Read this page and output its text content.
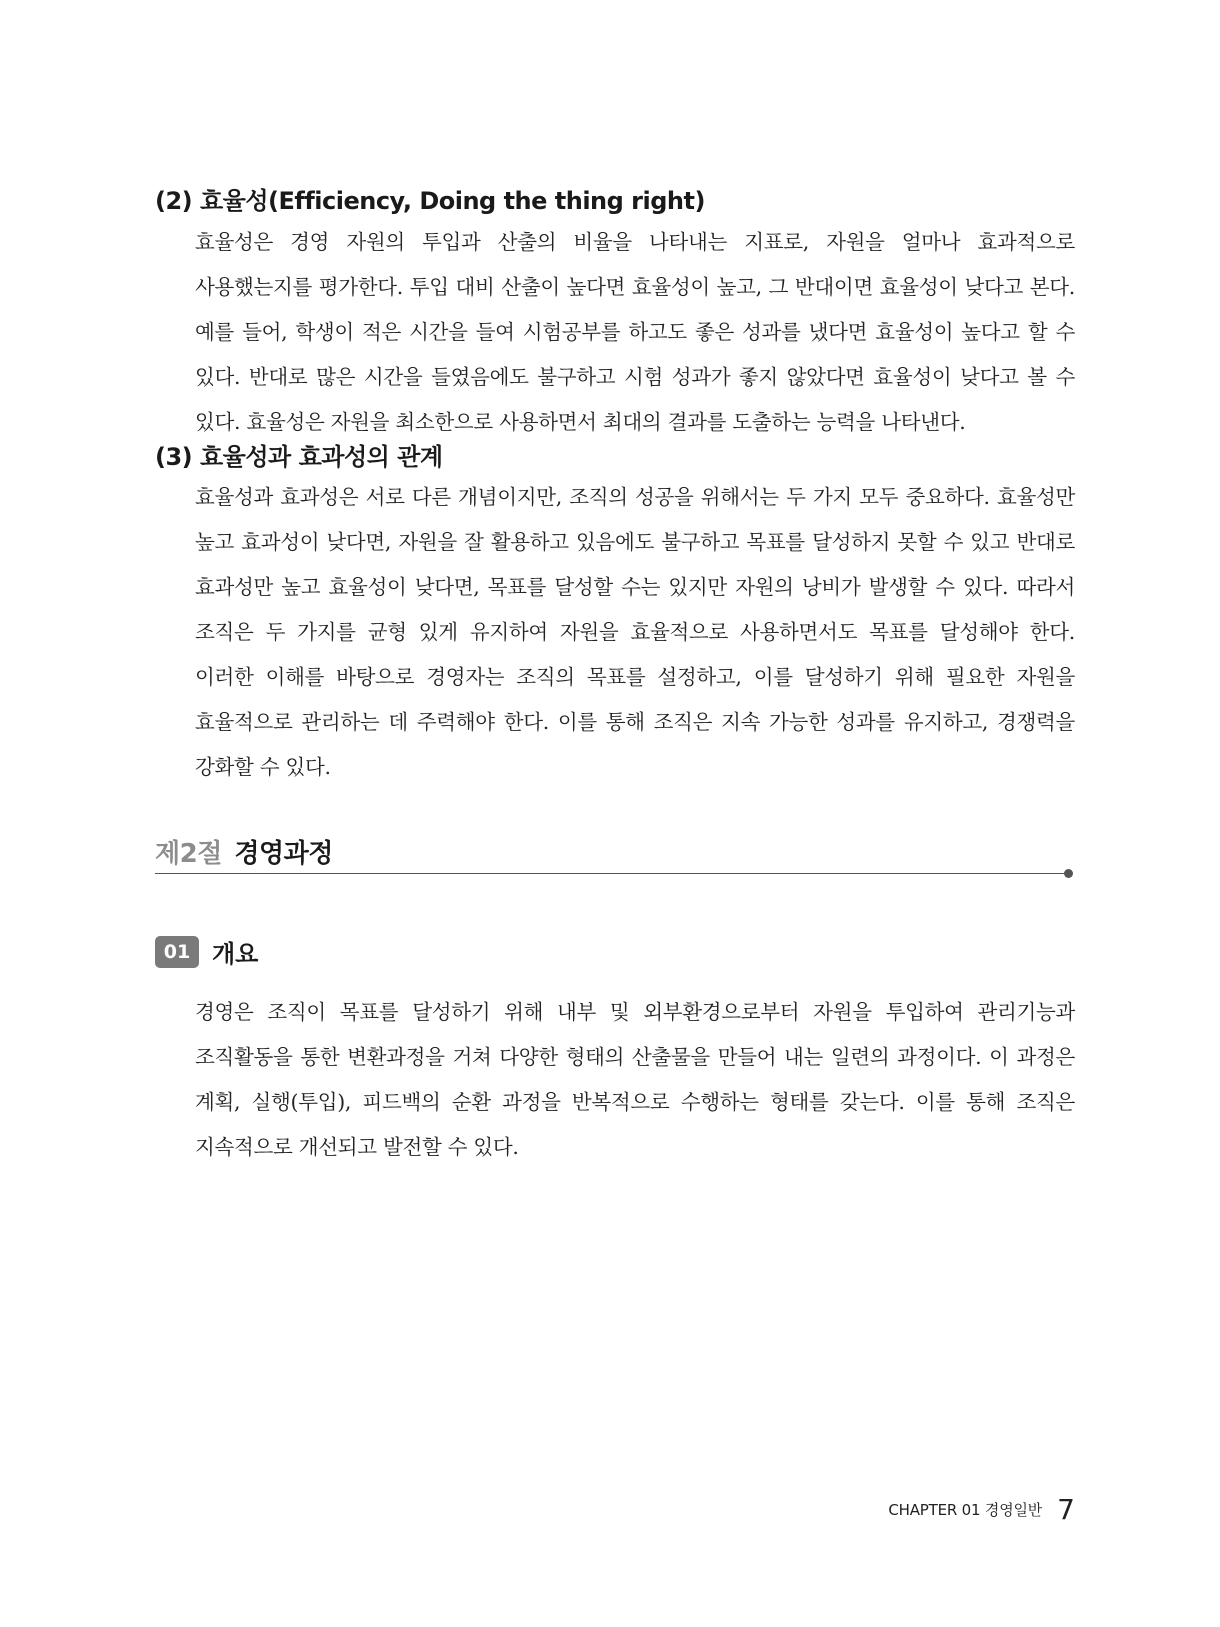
(2) 효율성(Efficiency, Doing the thing right)

효율성은 경영 자원의 투입과 산출의 비율을 나타내는 지표로, 자원을 얼마나 효과적으로 사용했는지를 평가한다. 투입 대비 산출이 높다면 효율성이 높고, 그 반대이면 효율성이 낮다고 본다. 예를 들어, 학생이 적은 시간을 들여 시험공부를 하고도 좋은 성과를 냈다면 효율성이 높다고 할 수 있다. 반대로 많은 시간을 들였음에도 불구하고 시험 성과가 좋지 않았다면 효율성이 낮다고 볼 수 있다. 효율성은 자원을 최소한으로 사용하면서 최대의 결과를 도출하는 능력을 나타낸다.

(3) 효율성과 효과성의 관계

효율성과 효과성은 서로 다른 개념이지만, 조직의 성공을 위해서는 두 가지 모두 중요하다. 효율성만 높고 효과성이 낮다면, 자원을 잘 활용하고 있음에도 불구하고 목표를 달성하지 못할 수 있고 반대로 효과성만 높고 효율성이 낮다면, 목표를 달성할 수는 있지만 자원의 낭비가 발생할 수 있다. 따라서 조직은 두 가지를 균형 있게 유지하여 자원을 효율적으로 사용하면서도 목표를 달성해야 한다. 이러한 이해를 바탕으로 경영자는 조직의 목표를 설정하고, 이를 달성하기 위해 필요한 자원을 효율적으로 관리하는 데 주력해야 한다. 이를 통해 조직은 지속 가능한 성과를 유지하고, 경쟁력을 강화할 수 있다.

제2절 경영과정
01 개요

경영은 조직이 목표를 달성하기 위해 내부 및 외부환경으로부터 자원을 투입하여 관리기능과 조직활동을 통한 변환과정을 거쳐 다양한 형태의 산출물을 만들어 내는 일련의 과정이다. 이 과정은 계획, 실행(투입), 피드백의 순환 과정을 반복적으로 수행하는 형태를 갖는다. 이를 통해 조직은 지속적으로 개선되고 발전할 수 있다.

CHAPTER 01 경영일반 7
